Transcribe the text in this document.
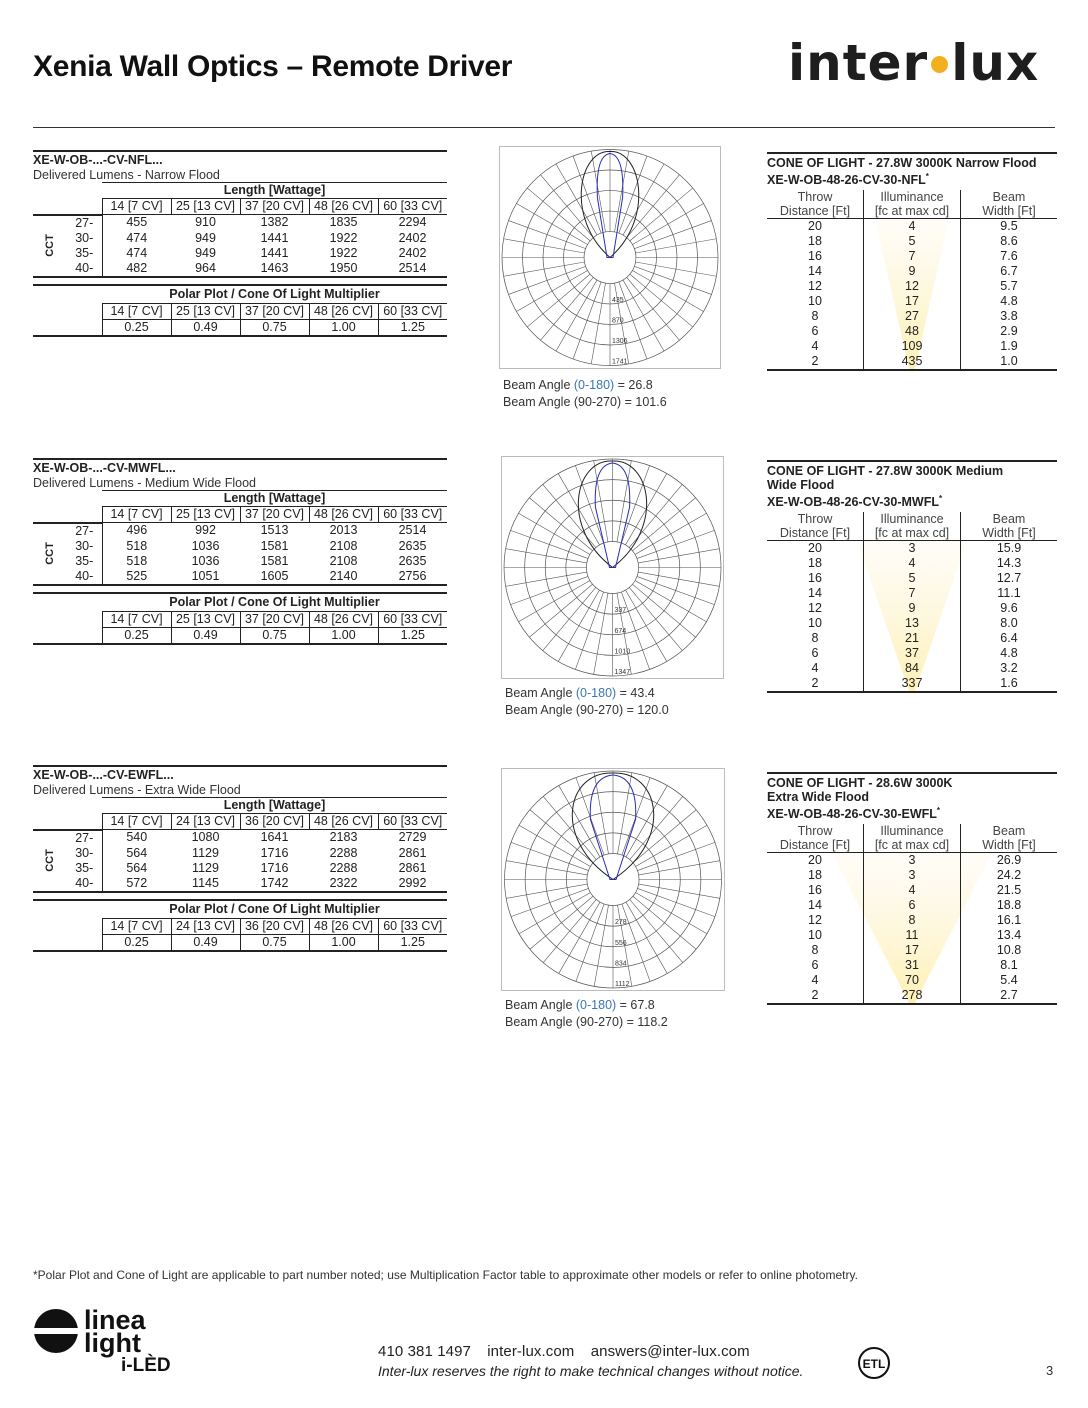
Xenia Wall Optics – Remote Driver	inter lux
XE-W-OB-...-CV-NFL...
Delivered Lumens - Narrow Flood
		Length [Wattage]				
		14 [7 CV]	25 [13 CV]	37 [20 CV]	48 [26 CV]	60 [33 CV]
CCT	27-	455	910	1382	1835	2294
	30-	474	949	1441	1922	2402
	35-	474	949	1441	1922	2402
	40-	482	964	1463	1950	2514
	Polar Plot / Cone Of Light Multiplier				
	14 [7 CV]	25 [13 CV]	37 [20 CV]	48 [26 CV]	60 [33 CV]
	0.25	0.49	0.75	1.00	1.25
435
870
1306
1741
Beam Angle (0-180) = 26.8
Beam Angle (90-270) = 101.6
CONE OF LIGHT - 27.8W 3000K Narrow Flood
XE-W-OB-48-26-CV-30-NFL*
Throw
Distance [Ft]
Illuminance
[fc at max cd]
Beam
Width [Ft]
20	4	9.5
18	5	8.6
16	7	7.6
14	9	6.7
12	12	5.7
10	17	4.8
8	27	3.8
6	48	2.9
4	109	1.9
2	435	1.0
XE-W-OB-...-CV-MWFL...
Delivered Lumens - Medium Wide Flood
		Length [Wattage]				
		14 [7 CV]	25 [13 CV]	37 [20 CV]	48 [26 CV]	60 [33 CV]
CCT	27-	496	992	1513	2013	2514
	30-	518	1036	1581	2108	2635
	35-	518	1036	1581	2108	2635
	40-	525	1051	1605	2140	2756
	Polar Plot / Cone Of Light Multiplier				
	14 [7 CV]	25 [13 CV]	37 [20 CV]	48 [26 CV]	60 [33 CV]
	0.25	0.49	0.75	1.00	1.25
337
674
1010
1347
Beam Angle (0-180) = 43.4
Beam Angle (90-270) = 120.0
CONE OF LIGHT - 27.8W 3000K Medium
Wide Flood
XE-W-OB-48-26-CV-30-MWFL*
Throw
Distance [Ft]
Illuminance
[fc at max cd]
Beam
Width [Ft]
20	3	15.9
18	4	14.3
16	5	12.7
14	7	11.1
12	9	9.6
10	13	8.0
8	21	6.4
6	37	4.8
4	84	3.2
2	337	1.6
XE-W-OB-...-CV-EWFL...
Delivered Lumens - Extra Wide Flood
		Length [Wattage]				
		14 [7 CV]	24 [13 CV]	36 [20 CV]	48 [26 CV]	60 [33 CV]
CCT	27-	540	1080	1641	2183	2729
	30-	564	1129	1716	2288	2861
	35-	564	1129	1716	2288	2861
	40-	572	1145	1742	2322	2992
	Polar Plot / Cone Of Light Multiplier				
	14 [7 CV]	24 [13 CV]	36 [20 CV]	48 [26 CV]	60 [33 CV]
	0.25	0.49	0.75	1.00	1.25
278
556
834
1112
Beam Angle (0-180) = 67.8
Beam Angle (90-270) = 118.2
CONE OF LIGHT - 28.6W 3000K
Extra Wide Flood
XE-W-OB-48-26-CV-30-EWFL*
Throw
Distance [Ft]
Illuminance
[fc at max cd]
Beam
Width [Ft]
20	3	26.9
18	3	24.2
16	4	21.5
14	6	18.8
12	8	16.1
10	11	13.4
8	17	10.8
6	31	8.1
4	70	5.4
2	278	2.7
*Polar Plot and Cone of Light are applicable to part number noted; use Multiplication Factor table to approximate other models or refer to online photometry.
linea
light
i-LÈD
410 381 1497 inter-lux.com answers@inter-lux.com
Inter-lux reserves the right to make technical changes without notice.	ETL	3
